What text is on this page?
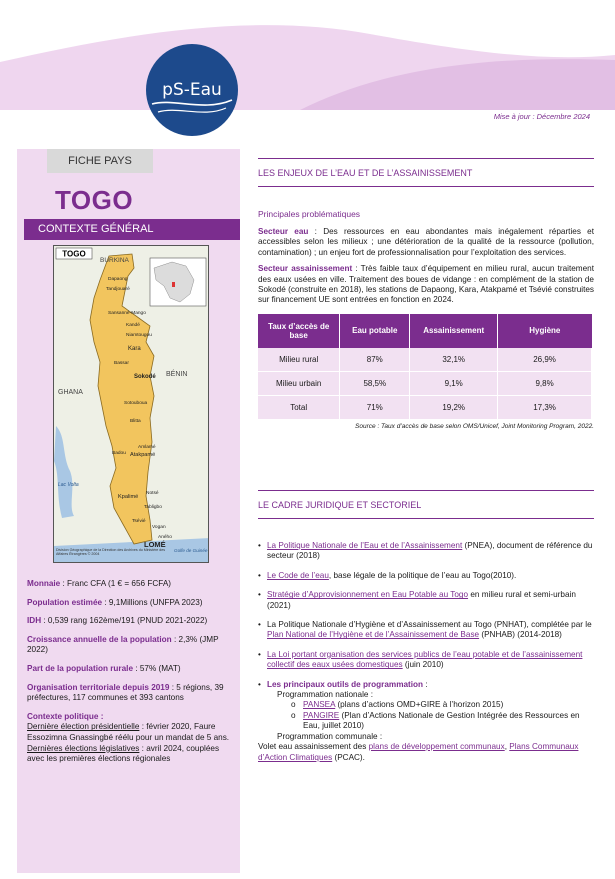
pS-Eau
Mise à jour : Décembre 2024
FICHE PAYS
TOGO
CONTEXTE GÉNÉRAL
TOGO
BURKINA
GHANA
BÉNIN
Dapaong
Tandjouaré
Sansanné-Mango
Kandé
Niamtougou
Kara
Bassar
Sokodé
Sotouboua
Blitta
Atakpamé
Amlamé
Badou
Kpalimé
Notsé
Tabligbo
Tsévié
Vogan
Aného
LOMÉ
Lac Volta
Golfe de Guinée
Division Géographique de la Direction des Archives du Ministère des Affaires Étrangères © 2004
Monnaie : Franc CFA (1 € = 656 FCFA)
Population estimée : 9,1Millions (UNFPA 2023)
IDH : 0,539 rang 162ème/191 (PNUD 2021-2022)
Croissance annuelle de la population : 2,3% (JMP 2022)
Part de la population rurale : 57% (MAT)
Organisation territoriale depuis 2019 : 5 régions, 39 préfectures, 117 communes et 393 cantons
Contexte politique :
Dernière élection présidentielle : février 2020, Faure Essozimna Gnassingbé réélu pour un mandat de 5 ans.
Dernières élections législatives : avril 2024, couplées avec les premières élections régionales
LES ENJEUX DE L’EAU ET DE L’ASSAINISSEMENT
Principales problématiques
Secteur eau : Des ressources en eau abondantes mais inégalement réparties et accessibles selon les milieux ; une détérioration de la qualité de la ressource (pollution, contamination) ; un enjeu fort de professionnalisation pour l’exploitation des services.
Secteur assainissement : Très faible taux d’équipement en milieu rural, aucun traitement des eaux usées en ville. Traitement des boues de vidange : en complément de la station de Sokodé (construite en 2018), les stations de Dapaong, Kara, Atakpamé et Tsévié construites sur financement UE sont entrées en fonction en 2024.
Taux d’accès de base	Eau potable	Assainissement	Hygiène
Milieu rural	87%	32,1%	26,9%
Milieu urbain	58,5%	9,1%	9,8%
Total	71%	19,2%	17,3%
Source : Taux d’accès de base selon OMS/Unicef, Joint Monitoring Program, 2022.
LE CADRE JURIDIQUE ET SECTORIEL
• La Politique Nationale de l’Eau et de l’Assainissement (PNEA), document de référence du secteur (2018)
• Le Code de l’eau, base légale de la politique de l’eau au Togo(2010).
• Stratégie d’Approvisionnement en Eau Potable au Togo en milieu rural et semi-urbain (2021)
• La Politique Nationale d’Hygiène et d’Assainissement au Togo (PNHAT), complétée par le Plan National de l’Hygiène et de l’Assainissement de Base (PNHAB) (2014-2018)
• La Loi portant organisation des services publics de l’eau potable et de l’assainissement collectif des eaux usées domestiques (juin 2010)
• Les principaux outils de programmation :
Programmation nationale :
o PANSEA (plans d’actions OMD+GIRE à l’horizon 2015)
o PANGIRE (Plan d’Actions Nationale de Gestion Intégrée des Ressources en Eau, juillet 2010)
Programmation communale :
Volet eau assainissement des plans de développement communaux, Plans Communaux d’Action Climatiques (PCAC).
